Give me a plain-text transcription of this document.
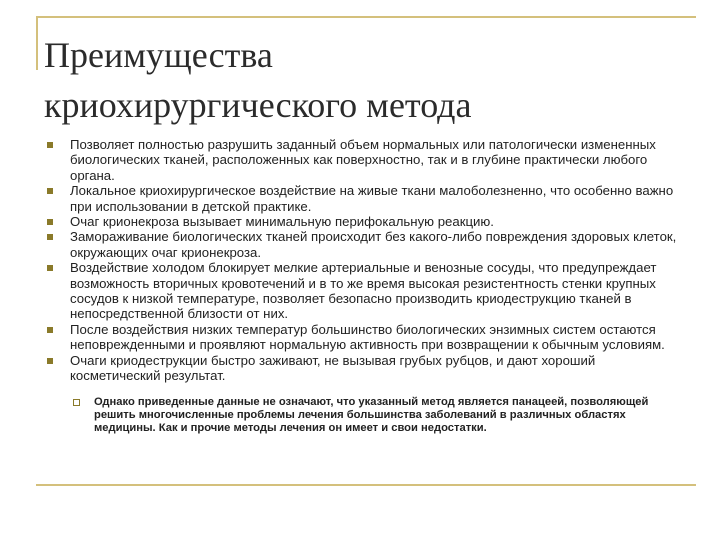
Преимущества
криохирургического метода
Позволяет полностью разрушить заданный объем нормальных или патологически измененных биологических тканей, расположенных как поверхностно, так и в глубине практически любого органа.
Локальное криохирургическое воздействие на живые ткани малоболезненно, что особенно важно при использовании в детской практике.
Очаг крионекроза вызывает минимальную перифокальную реакцию.
Замораживание биологических тканей происходит без какого-либо повреждения здоровых клеток, окружающих очаг крионекроза.
Воздействие холодом блокирует мелкие артериальные и венозные сосуды, что предупреждает возможность вторичных кровотечений и в то же время высокая резистентность стенки крупных сосудов к низкой температуре, позволяет безопасно производить криодеструкцию тканей в непосредственной близости от них.
После воздействия низких температур большинство биологических энзимных систем остаются неповрежденными и проявляют нормальную активность при возвращении к обычным условиям.
Очаги криодеструкции быстро заживают, не вызывая грубых рубцов, и дают хороший косметический результат.
Однако приведенные данные не означают, что указанный метод является панацеей, позволяющей решить многочисленные проблемы лечения большинства заболеваний в различных областях медицины. Как и прочие методы лечения он имеет и свои недостатки.
